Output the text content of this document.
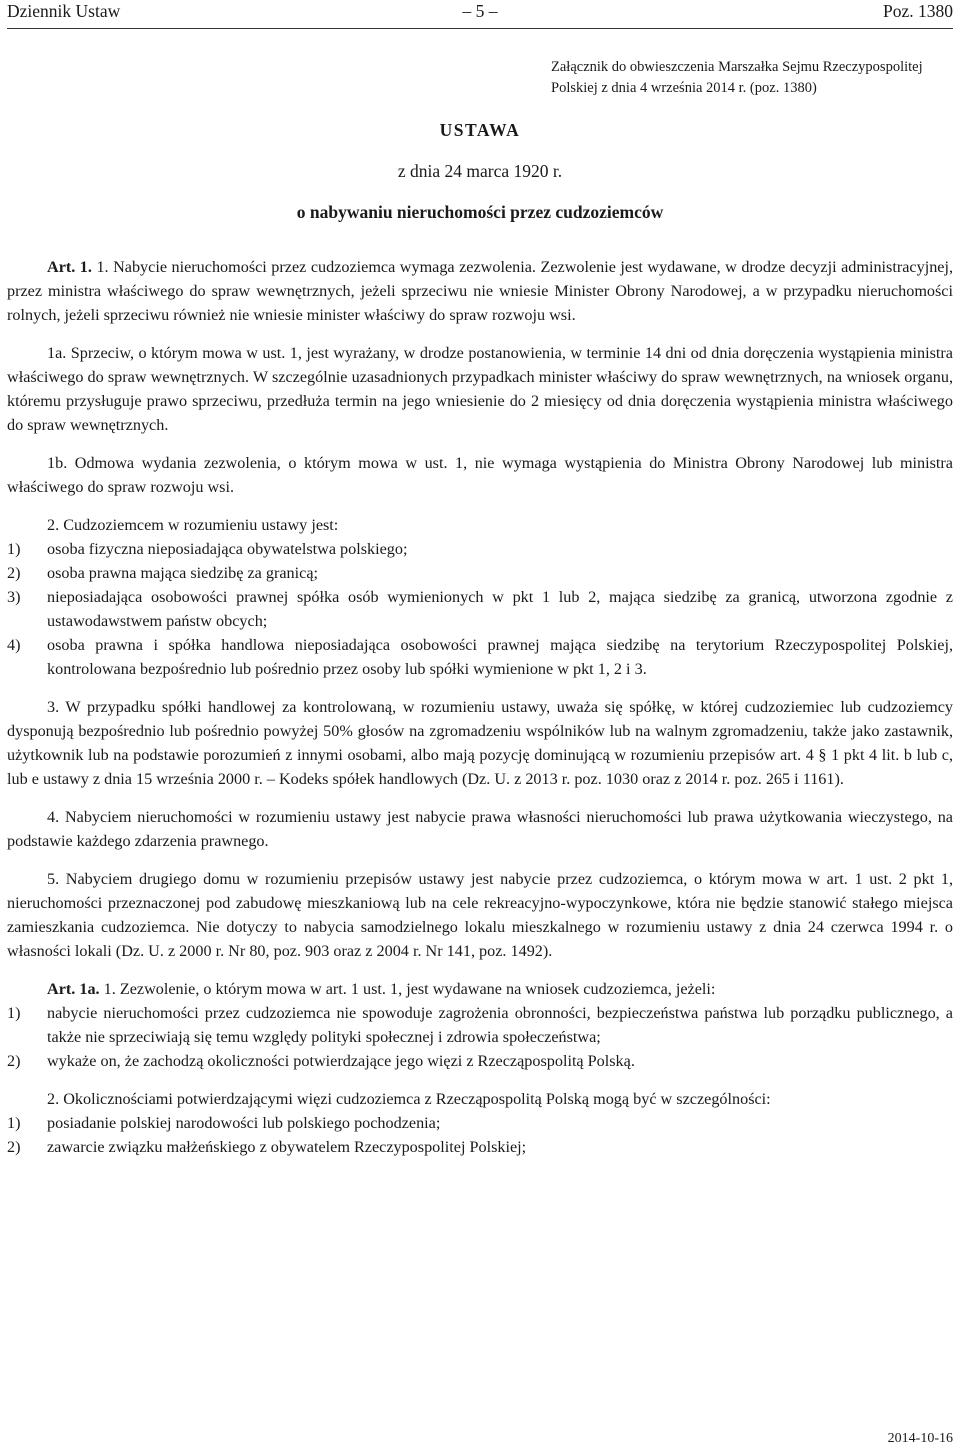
Dziennik Ustaw	– 5 –	Poz. 1380
Załącznik do obwieszczenia Marszałka Sejmu Rzeczypospolitej Polskiej z dnia 4 września 2014 r. (poz. 1380)
USTAWA
z dnia 24 marca 1920 r.
o nabywaniu nieruchomości przez cudzoziemców

Art. 1. 1. Nabycie nieruchomości przez cudzoziemca wymaga zezwolenia. Zezwolenie jest wydawane, w drodze decyzji administracyjnej, przez ministra właściwego do spraw wewnętrznych, jeżeli sprzeciwu nie wniesie Minister Obrony Narodowej, a w przypadku nieruchomości rolnych, jeżeli sprzeciwu również nie wniesie minister właściwy do spraw rozwoju wsi.

1a. Sprzeciw, o którym mowa w ust. 1, jest wyrażany, w drodze postanowienia, w terminie 14 dni od dnia doręczenia wystąpienia ministra właściwego do spraw wewnętrznych. W szczególnie uzasadnionych przypadkach minister właściwy do spraw wewnętrznych, na wniosek organu, któremu przysługuje prawo sprzeciwu, przedłuża termin na jego wniesienie do 2 miesięcy od dnia doręczenia wystąpienia ministra właściwego do spraw wewnętrznych.

1b. Odmowa wydania zezwolenia, o którym mowa w ust. 1, nie wymaga wystąpienia do Ministra Obrony Narodowej lub ministra właściwego do spraw rozwoju wsi.

2. Cudzoziemcem w rozumieniu ustawy jest:

1)	osoba fizyczna nieposiadająca obywatelstwa polskiego;
2)	osoba prawna mająca siedzibę za granicą;
3)	nieposiadająca osobowości prawnej spółka osób wymienionych w pkt 1 lub 2, mająca siedzibę za granicą, utworzona zgodnie z ustawodawstwem państw obcych;
4)	osoba prawna i spółka handlowa nieposiadająca osobowości prawnej mająca siedzibę na terytorium Rzeczypospolitej Polskiej, kontrolowana bezpośrednio lub pośrednio przez osoby lub spółki wymienione w pkt 1, 2 i 3.

3. W przypadku spółki handlowej za kontrolowaną, w rozumieniu ustawy, uważa się spółkę, w której cudzoziemiec lub cudzoziemcy dysponują bezpośrednio lub pośrednio powyżej 50% głosów na zgromadzeniu wspólników lub na walnym zgromadzeniu, także jako zastawnik, użytkownik lub na podstawie porozumień z innymi osobami, albo mają pozycję dominującą w rozumieniu przepisów art. 4 § 1 pkt 4 lit. b lub c, lub e ustawy z dnia 15 września 2000 r. – Kodeks spółek handlowych (Dz. U. z 2013 r. poz. 1030 oraz z 2014 r. poz. 265 i 1161).

4. Nabyciem nieruchomości w rozumieniu ustawy jest nabycie prawa własności nieruchomości lub prawa użytkowania wieczystego, na podstawie każdego zdarzenia prawnego.

5. Nabyciem drugiego domu w rozumieniu przepisów ustawy jest nabycie przez cudzoziemca, o którym mowa w art. 1 ust. 2 pkt 1, nieruchomości przeznaczonej pod zabudowę mieszkaniową lub na cele rekreacyjno-wypoczynkowe, która nie będzie stanowić stałego miejsca zamieszkania cudzoziemca. Nie dotyczy to nabycia samodzielnego lokalu mieszkalnego w rozumieniu ustawy z dnia 24 czerwca 1994 r. o własności lokali (Dz. U. z 2000 r. Nr 80, poz. 903 oraz z 2004 r. Nr 141, poz. 1492).

Art. 1a. 1. Zezwolenie, o którym mowa w art. 1 ust. 1, jest wydawane na wniosek cudzoziemca, jeżeli:

1)	nabycie nieruchomości przez cudzoziemca nie spowoduje zagrożenia obronności, bezpieczeństwa państwa lub porządku publicznego, a także nie sprzeciwiają się temu względy polityki społecznej i zdrowia społeczeństwa;
2)	wykaże on, że zachodzą okoliczności potwierdzające jego więzi z Rzecząpospolitą Polską.

2. Okolicznościami potwierdzającymi więzi cudzoziemca z Rzecząpospolitą Polską mogą być w szczególności:

1)	posiadanie polskiej narodowości lub polskiego pochodzenia;
2)	zawarcie związku małżeńskiego z obywatelem Rzeczypospolitej Polskiej;
2014-10-16
